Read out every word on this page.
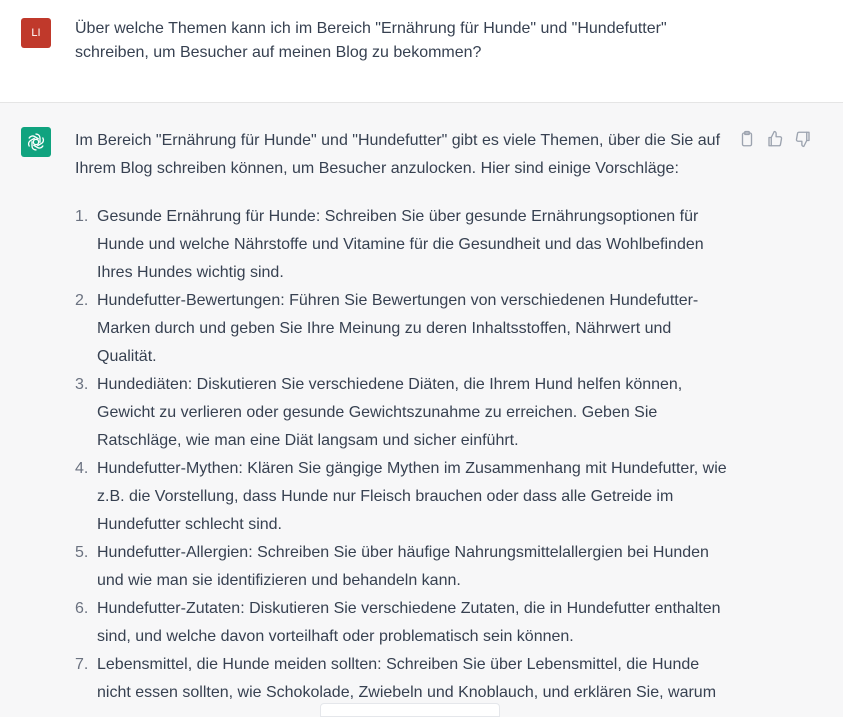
LI	Über welche Themen kann ich im Bereich "Ernährung für Hunde" und "Hundefutter" schreiben, um Besucher auf meinen Blog zu bekommen?

Im Bereich "Ernährung für Hunde" und "Hundefutter" gibt es viele Themen, über die Sie auf Ihrem Blog schreiben können, um Besucher anzulocken. Hier sind einige Vorschläge:

1. Gesunde Ernährung für Hunde: Schreiben Sie über gesunde Ernährungsoptionen für Hunde und welche Nährstoffe und Vitamine für die Gesundheit und das Wohlbefinden Ihres Hundes wichtig sind.
2. Hundefutter-Bewertungen: Führen Sie Bewertungen von verschiedenen Hundefutter-Marken durch und geben Sie Ihre Meinung zu deren Inhaltsstoffen, Nährwert und Qualität.
3. Hundediäten: Diskutieren Sie verschiedene Diäten, die Ihrem Hund helfen können, Gewicht zu verlieren oder gesunde Gewichtszunahme zu erreichen. Geben Sie Ratschläge, wie man eine Diät langsam und sicher einführt.
4. Hundefutter-Mythen: Klären Sie gängige Mythen im Zusammenhang mit Hundefutter, wie z.B. die Vorstellung, dass Hunde nur Fleisch brauchen oder dass alle Getreide im Hundefutter schlecht sind.
5. Hundefutter-Allergien: Schreiben Sie über häufige Nahrungsmittelallergien bei Hunden und wie man sie identifizieren und behandeln kann.
6. Hundefutter-Zutaten: Diskutieren Sie verschiedene Zutaten, die in Hundefutter enthalten sind, und welche davon vorteilhaft oder problematisch sein können.
7. Lebensmittel, die Hunde meiden sollten: Schreiben Sie über Lebensmittel, die Hunde nicht essen sollten, wie Schokolade, Zwiebeln und Knoblauch, und erklären Sie, warum
